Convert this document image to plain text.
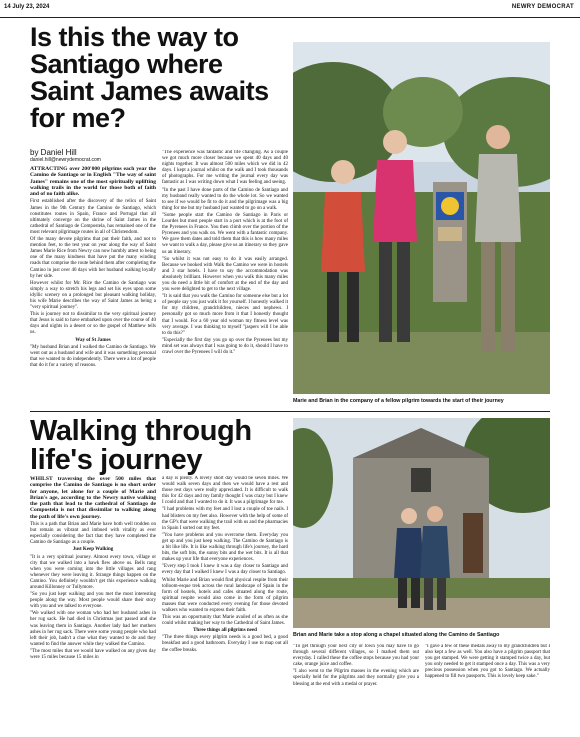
14 July 23, 2024	NEWRY DEMOCRAT
Is this the way to Santiago where Saint James awaits for me?
by Daniel Hill
daniel.hill@newrydemocrat.com

ATTRACTING over 200'000 pilgrims each year the Camino de Santiago or in English "The way of saint James" remains one of the most spiritually uplifting walking trails in the world for those both of faith and of no faith alike.

First established after the discovery of the relics of Saint James in the 9th Century the Camino de Santiago, which constitutes routes in Spain, France and Portugal that all ultimately converge on the shrine of Saint James in the cathedral of Santiago de Compostela, has remained one of the most relevant pilgrimage routes in all of Christendom.

Of the many devote pilgrims that put their faith, and not to mention feet, to the test year on year along the way of Saint James Marie Rice from Newry can now humbly attest to being one of the many kindness that have put the many winding roads that comprise the route behind them after completing the Camino in just over 40 days with her husband walking loyally by her side.

However whilst for Mr. Rice the Camino de Santiago was simply a way to stretch his legs and set his eyes upon some idyllic scenery on a prolonged but pleasant walking holiday, his wife Marie describes the way of Saint James as being a "very spiritual journey".

This is journey not to dissimilar to the very spiritual journey that Jesus is said to have embarked upon over the course of 40 days and nights in a desert or so the gospel of Matthew tells us.

Way of St James

"My husband Brian and I walked the Camino de Santiago. We went out as a husband and wife and it was something personal that we wanted to do independently. There were a lot of people that do it for a variety of reasons.

"The experience was fantastic and life changing. As a couple we got much more closer because we spent 40 days and 40 nights together. It was almost 500 miles which we did in 42 days. I kept a journal whilst on the walk and I took thousands of photographs. For me writing the journal every day was fantastic as I was writing down what I was feeling and seeing.

"In the past I have done parts of the Camino de Santiago and my husband really wanted to do the whole lot. So we wanted to see if we would be fit to do it and the pilgrimage was a big thing for me but my husband just wanted to go on a walk.

"Some people start the Camino de Santiago in Paris or Lourdes but most people start in a port which is at the foot of the Pyrenees in France. You then climb over the portion of the Pyrenees and you walk on. We went with a fantastic company. We gave them dates and told them that this is how many miles we want to walk a day, please give us an itinerary so they gave us an itinerary.

"So whilst it was not easy to do it was easily arranged. Because we booked with Walk the Camino we were in hostels and 3 star hotels. I have to say the accommodation was absolutely brilliant. However when you walk this many miles you do need a little bit of comfort at the end of the day and you were delighted to get to the next village.

"It is said that you walk the Camino for someone else but a lot of people say you just walk it for yourself. I honestly walked it for my children, grandchildren, nieces and nephews. I personally got so much more from it that I honestly thought that I would. For a 60 year old woman my fitness level was very average. I was thinking to myself "jaspers will I be able to do this?"

"Especially the first day you go up over the Pyrenees but my mind set was always that I was going to do it, should I have to crawl over the Pyrenees I will do it."

Marie and Brian in the company of a fellow pilgrim towards the start of their journey
Walking through life's journey

WHILST traversing the over 500 miles that comprise the Camino de Santiago is no short order for anyone, let alone for a couple of Marie and Brian's age, according to the Newry native walking the path that lead to the cathedral of Santiago de Compostela is not that dissimilar to walking along the path of life's own journey.

This is a path that Brian and Marie have both well trodden on but remain as vibrant and imbued with vitality as ever especially considering the fact that they have completed the Camino de Santiago as a couple.

Just Keep Walking

"It is a very spiritual journey. Almost every town, village or city that we walked into a hawk flew above us. Bells rang when you were coming into the little villages and rang whenever they were leaving it. Strange things happen on the Camino. You definitely wouldn't get this experience walking around Killonney or Tullymore.

"So you just kept walking and you met the most interesting people along the way. Most people would share their story with you and we talked to everyone.

"We walked with one woman who had her husband ashes in her rug sack. He had died in Christmas just passed and she was leaving them in Santiago. Another lady had her mothers ashes in her rug sack. There were some young people who had left their job, hadn't a clue what they wanted to do and they wanted to find the answer while they walked the Camino.

"The most miles that we would have walked on any given day were 15 miles because 15 miles in

a day is plenty. A lovely short day would be seven miles. We would walk seven days and then we would have a rest and those rest days were really appreciated. It is difficult to walk this for 42 days and my family thought I was crazy but I knew I could and that I wanted to do it. It was a pilgrimage for me.

"I had problems with my feet and I lost a couple of toe nails. I had blisters on my feet also. However with the help of some of the GP's that were walking the trail with us and the pharmacies in Spain I sorted out my feet.

"You have problems and you overcome them. Everyday you get up and you just keep walking. The Camino de Santiago is a bit like life. It is like walking through life's journey, the hard bits, the soft bits, the sunny bits and the wet bits. It is all that makes up your life that everyone experiences.

"Every step I took I knew it was a day closer to Santiago and every day that I walked I knew I was a day closer to Santiago.

Whilst Marie and Brian would find physical respite from their tolloom-esque trek across the rural landscape of Spain in the form of hostels, hotels and cafes situated along the route, spiritual respite would also come in the form of pilgrim masses that were conducted every evening for those devoted walkers who wanted to express their faith.

This was an opportunity that Marie availed of as often as she could whilst making her way to the Cathedral of Saint James.

Three things all pilgrims need

"The three things every pilgrim needs is a good bed, a good breakfast and a good bathroom. Everyday I use to map out all the coffee breaks.

Brian and Marie take a stop along a chapel situated along the Camino de Santiago

"To get through your next city or town you may have to go through several different villages, so I marked them out everyday. I called these the coffee stops because you had your cake, orange juice and coffee.

"I also went to the Pilgrim masses in the evening which are specially held for the pilgrims and they normally give you a blessing at the end with a medal or prayer.

"I gave a few of these medals away to my grandchildren but I also kept a few as well. You also have a pilgrim passport that you get stamped. We were getting it stamped twice a day, but you only needed to get it stamped once a day. This was a very precious possession when you got to Santiago. We actually happened to fill two passports. This is lovely keep sake."
